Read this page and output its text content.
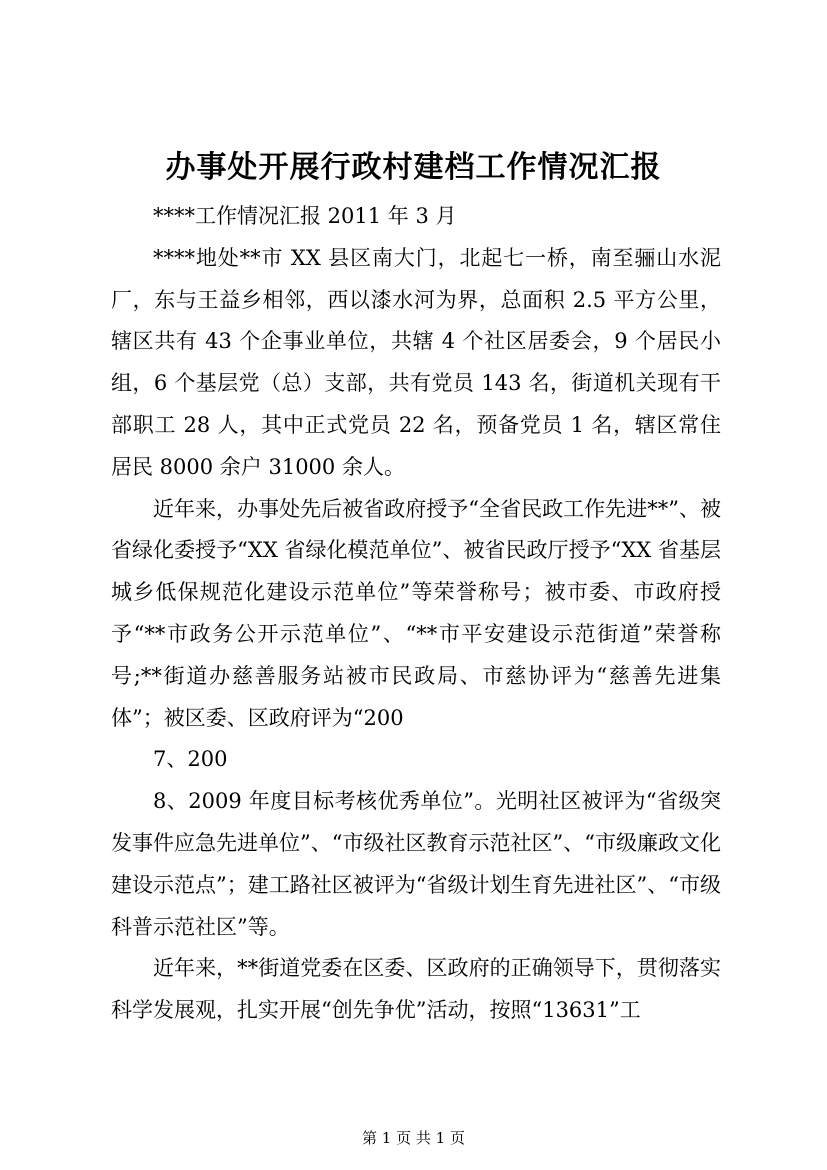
办事处开展行政村建档工作情况汇报

****工作情况汇报 2011 年 3 月

****地处**市 XX 县区南大门，北起七一桥，南至骊山水泥厂，东与王益乡相邻，西以漆水河为界，总面积 2.5 平方公里，辖区共有 43 个企事业单位，共辖 4 个社区居委会，9 个居民小组，6 个基层党（总）支部，共有党员 143 名，街道机关现有干部职工 28 人，其中正式党员 22 名，预备党员 1 名，辖区常住居民 8000 余户 31000 余人。

近年来，办事处先后被省政府授予“全省民政工作先进**”、被省绿化委授予“XX 省绿化模范单位”、被省民政厅授予“XX 省基层城乡低保规范化建设示范单位”等荣誉称号；被市委、市政府授予“**市政务公开示范单位”、“**市平安建设示范街道”荣誉称号;**街道办慈善服务站被市民政局、市慈协评为“慈善先进集体”；被区委、区政府评为“200

7、200

8、2009 年度目标考核优秀单位”。光明社区被评为“省级突发事件应急先进单位”、“市级社区教育示范社区”、“市级廉政文化建设示范点”；建工路社区被评为“省级计划生育先进社区”、“市级科普示范社区”等。

近年来，**街道党委在区委、区政府的正确领导下，贯彻落实科学发展观，扎实开展“创先争优”活动，按照“13631”工

第 1 页 共 1 页
